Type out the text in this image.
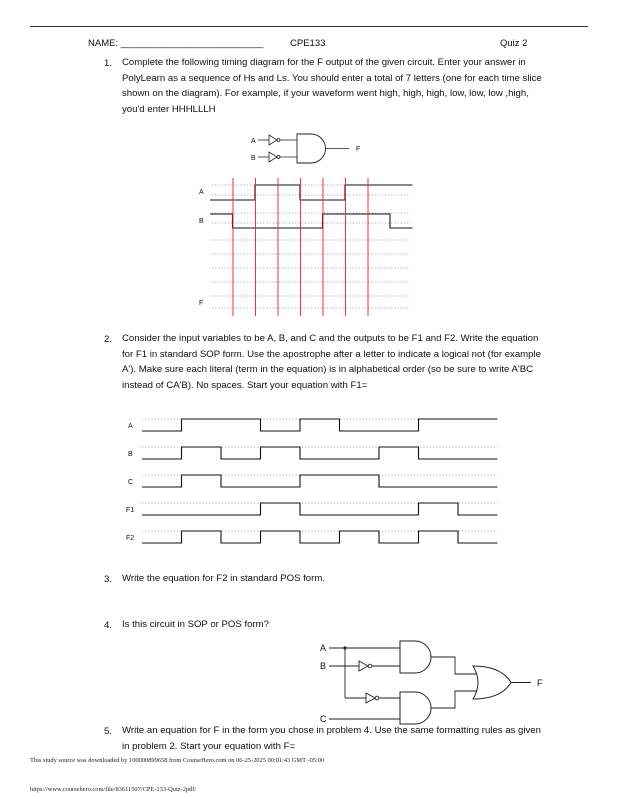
NAME: ___________________________	CPE133	Quiz 2
1. Complete the following timing diagram for the F output of the given circuit. Enter your answer in PolyLearn as a sequence of Hs and Ls. You should enter a total of 7 letters (one for each time slice shown on the diagram). For example, if your waveform went high, high, high, low, low, low ,high, you'd enter HHHLLLH
A
B
F
A
B
F
2. Consider the input variables to be A, B, and C and the outputs to be F1 and F2. Write the equation for F1 in standard SOP form. Use the apostrophe after a letter to indicate a logical not (for example A'). Make sure each literal (term in the equation) is in alphabetical order (so be sure to write A'BC instead of CA'B). No spaces. Start your equation with F1=
A
B
C
F1
F2
3. Write the equation for F2 in standard POS form.
4. Is this circuit in SOP or POS form?
A
B
C
F
5. Write an equation for F in the form you chose in problem 4. Use the same formatting rules as given in problem 2. Start your equation with F=
This study source was downloaded by 100000899658 from CourseHero.com on 06-25-2025 00:01:43 GMT -05:00
https://www.coursehero.com/file/83611507/CPE-133-Quiz-2pdf/
